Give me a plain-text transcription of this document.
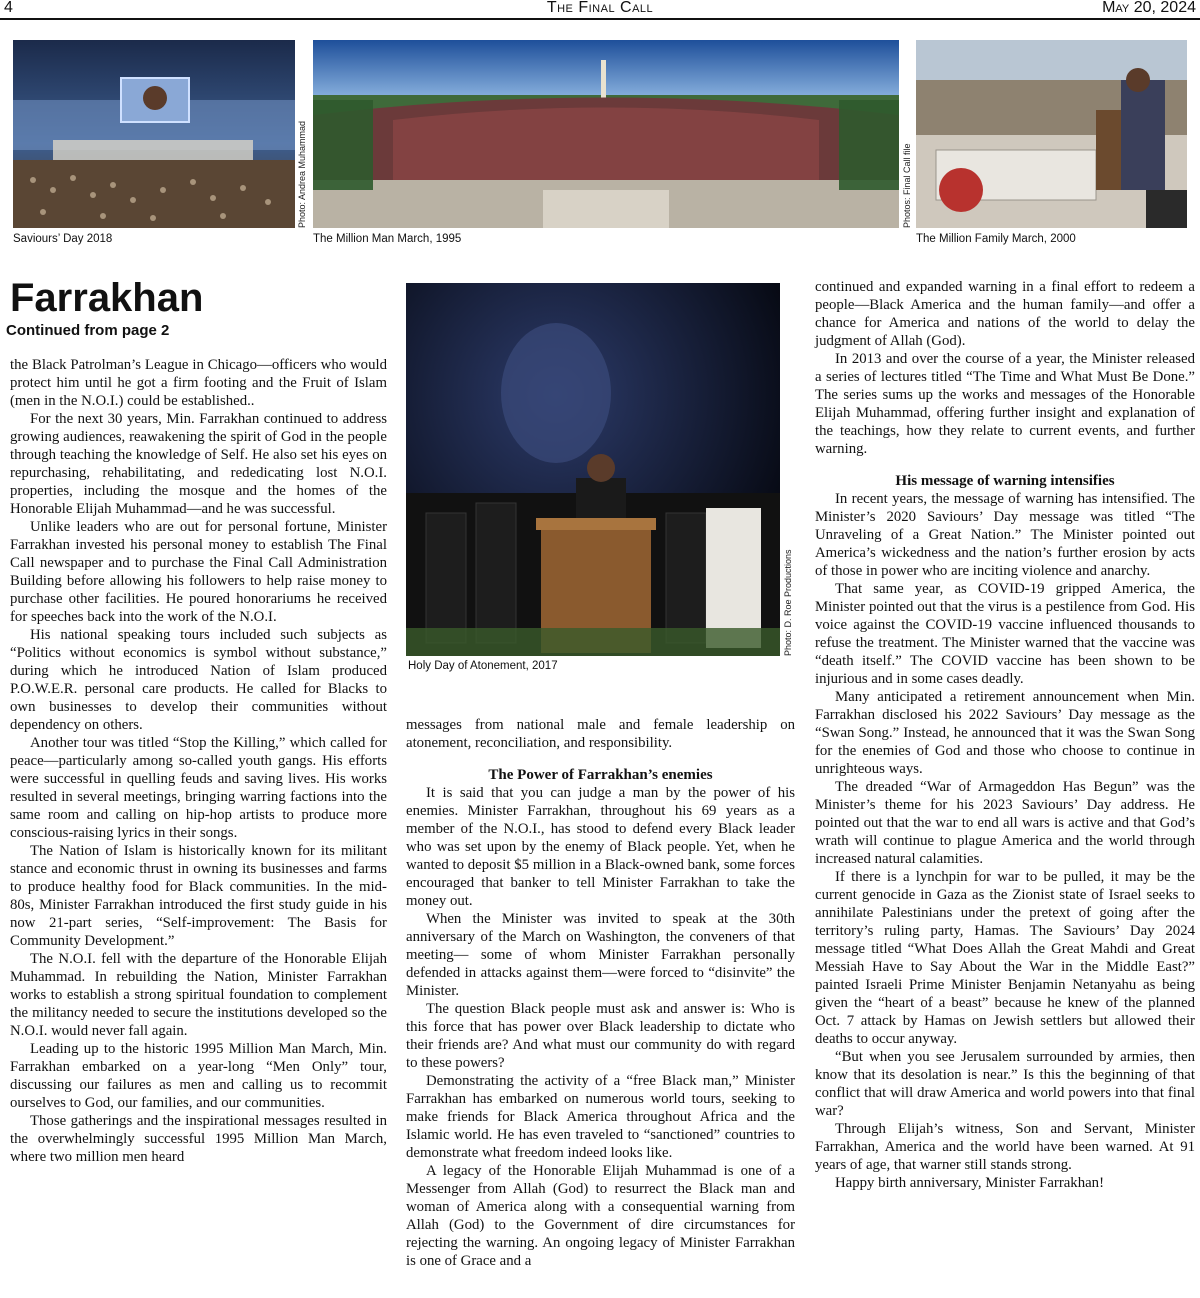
4	The Final Call	May 20, 2024
Photo: Andrea Muhammad
Saviours’ Day 2018	The Million Man March, 1995
Photos: Final Call file
The Million Family March, 2000
Farrakhan
Continued from page 2

the Black Patrolman’s League in Chicago—officers who would protect him until he got a firm footing and the Fruit of Islam (men in the N.O.I.) could be established..

For the next 30 years, Min. Farrakhan continued to address growing audiences, reawakening the spirit of God in the people through teaching the knowledge of Self. He also set his eyes on repurchasing, rehabilitating, and rededicating lost N.O.I. properties, including the mosque and the homes of the Honorable Elijah Muhammad—and he was successful.

Unlike leaders who are out for personal fortune, Minister Farrakhan invested his personal money to establish The Final Call newspaper and to purchase the Final Call Administration Building before allowing his followers to help raise money to purchase other facilities. He poured honorariums he received for speeches back into the work of the N.O.I.

His national speaking tours included such subjects as “Politics without economics is symbol without substance,” during which he introduced Nation of Islam produced P.O.W.E.R. personal care products. He called for Blacks to own businesses to develop their communities without dependency on others.

Another tour was titled “Stop the Killing,” which called for peace—particularly among so-called youth gangs. His efforts were successful in quelling feuds and saving lives. His works resulted in several meetings, bringing warring factions into the same room and calling on hip-hop artists to produce more conscious-raising lyrics in their songs.

The Nation of Islam is historically known for its militant stance and economic thrust in owning its businesses and farms to produce healthy food for Black communities. In the mid-80s, Minister Farrakhan introduced the first study guide in his now 21-part series, “Self-improvement: The Basis for Community Development.”

The N.O.I. fell with the departure of the Honorable Elijah Muhammad. In rebuilding the Nation, Minister Farrakhan works to establish a strong spiritual foundation to complement the militancy needed to secure the institutions developed so the N.O.I. would never fall again.

Leading up to the historic 1995 Million Man March, Min. Farrakhan embarked on a year-long “Men Only” tour, discussing our failures as men and calling us to recommit ourselves to God, our families, and our communities.

Those gatherings and the inspirational messages resulted in the overwhelmingly successful 1995 Million Man March, where two million men heard

Photo: D. Roe Productions
Holy Day of Atonement, 2017

messages from national male and female leadership on atonement, reconciliation, and responsibility.

The Power of Farrakhan’s enemies

It is said that you can judge a man by the power of his enemies. Minister Farrakhan, throughout his 69 years as a member of the N.O.I., has stood to defend every Black leader who was set upon by the enemy of Black people. Yet, when he wanted to deposit $5 million in a Black-owned bank, some forces encouraged that banker to tell Minister Farrakhan to take the money out.

When the Minister was invited to speak at the 30th anniversary of the March on Washington, the conveners of that meeting— some of whom Minister Farrakhan personally defended in attacks against them—were forced to “disinvite” the Minister.

The question Black people must ask and answer is: Who is this force that has power over Black leadership to dictate who their friends are? And what must our community do with regard to these powers?

Demonstrating the activity of a “free Black man,” Minister Farrakhan has embarked on numerous world tours, seeking to make friends for Black America throughout Africa and the Islamic world. He has even traveled to “sanctioned” countries to demonstrate what freedom indeed looks like.

A legacy of the Honorable Elijah Muhammad is one of a Messenger from Allah (God) to resurrect the Black man and woman of America along with a consequential warning from Allah (God) to the Government of dire circumstances for rejecting the warning. An ongoing legacy of Minister Farrakhan is one of Grace and a

continued and expanded warning in a final effort to redeem a people—Black America and the human family—and offer a chance for America and nations of the world to delay the judgment of Allah (God).

In 2013 and over the course of a year, the Minister released a series of lectures titled “The Time and What Must Be Done.” The series sums up the works and messages of the Honorable Elijah Muhammad, offering further insight and explanation of the teachings, how they relate to current events, and further warning.

His message of warning intensifies

In recent years, the message of warning has intensified. The Minister’s 2020 Saviours’ Day message was titled “The Unraveling of a Great Nation.” The Minister pointed out America’s wickedness and the nation’s further erosion by acts of those in power who are inciting violence and anarchy.

That same year, as COVID-19 gripped America, the Minister pointed out that the virus is a pestilence from God. His voice against the COVID-19 vaccine influenced thousands to refuse the treatment. The Minister warned that the vaccine was “death itself.” The COVID vaccine has been shown to be injurious and in some cases deadly.

Many anticipated a retirement announcement when Min. Farrakhan disclosed his 2022 Saviours’ Day message as the “Swan Song.” Instead, he announced that it was the Swan Song for the enemies of God and those who choose to continue in unrighteous ways.

The dreaded “War of Armageddon Has Begun” was the Minister’s theme for his 2023 Saviours’ Day address. He pointed out that the war to end all wars is active and that God’s wrath will continue to plague America and the world through increased natural calamities.

If there is a lynchpin for war to be pulled, it may be the current genocide in Gaza as the Zionist state of Israel seeks to annihilate Palestinians under the pretext of going after the territory’s ruling party, Hamas. The Saviours’ Day 2024 message titled “What Does Allah the Great Mahdi and Great Messiah Have to Say About the War in the Middle East?” painted Israeli Prime Minister Benjamin Netanyahu as being given the “heart of a beast” because he knew of the planned Oct. 7 attack by Hamas on Jewish settlers but allowed their deaths to occur anyway.

“But when you see Jerusalem surrounded by armies, then know that its desolation is near.” Is this the beginning of that conflict that will draw America and world powers into that final war?

Through Elijah’s witness, Son and Servant, Minister Farrakhan, America and the world have been warned. At 91 years of age, that warner still stands strong.

Happy birth anniversary, Minister Farrakhan!
